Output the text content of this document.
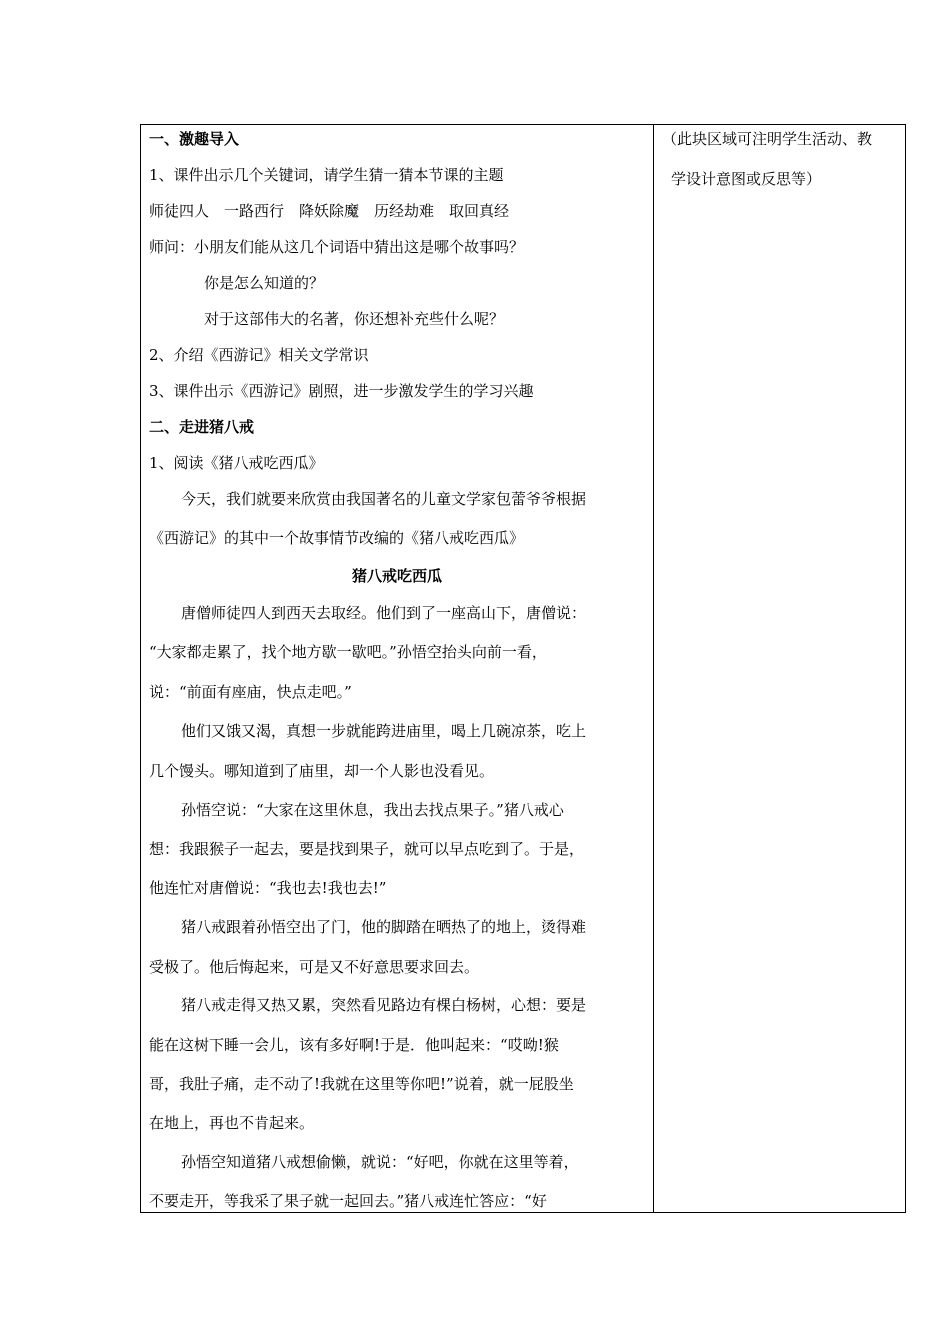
一、激趣导入
1、课件出示几个关键词，请学生猜一猜本节课的主题
师徒四人　一路西行　降妖除魔　历经劫难　取回真经
师问：小朋友们能从这几个词语中猜出这是哪个故事吗？
你是怎么知道的？
对于这部伟大的名著，你还想补充些什么呢？
2、介绍《西游记》相关文学常识
3、课件出示《西游记》剧照，进一步激发学生的学习兴趣
二、走进猪八戒
1、阅读《猪八戒吃西瓜》
今天，我们就要来欣赏由我国著名的儿童文学家包蕾爷爷根据
《西游记》的其中一个故事情节改编的《猪八戒吃西瓜》
猪八戒吃西瓜
唐僧师徒四人到西天去取经。他们到了一座高山下，唐僧说：
“大家都走累了，找个地方歇一歇吧。”孙悟空抬头向前一看，
说：“前面有座庙，快点走吧。”
他们又饿又渴，真想一步就能跨进庙里，喝上几碗凉茶，吃上
几个馒头。哪知道到了庙里，却一个人影也没看见。
孙悟空说：“大家在这里休息，我出去找点果子。”猪八戒心
想：我跟猴子一起去，要是找到果子，就可以早点吃到了。于是，
他连忙对唐僧说：“我也去!我也去!”
猪八戒跟着孙悟空出了门，他的脚踏在晒热了的地上，烫得难
受极了。他后悔起来，可是又不好意思要求回去。
猪八戒走得又热又累，突然看见路边有棵白杨树，心想：要是
能在这树下睡一会儿，该有多好啊!于是．他叫起来：“哎呦!猴
哥，我肚子痛，走不动了!我就在这里等你吧!”说着，就一屁股坐
在地上，再也不肯起来。
孙悟空知道猪八戒想偷懒，就说：“好吧，你就在这里等着，
不要走开，等我采了果子就一起回去。”猪八戒连忙答应：“好
（此块区域可注明学生活动、教
学设计意图或反思等）
